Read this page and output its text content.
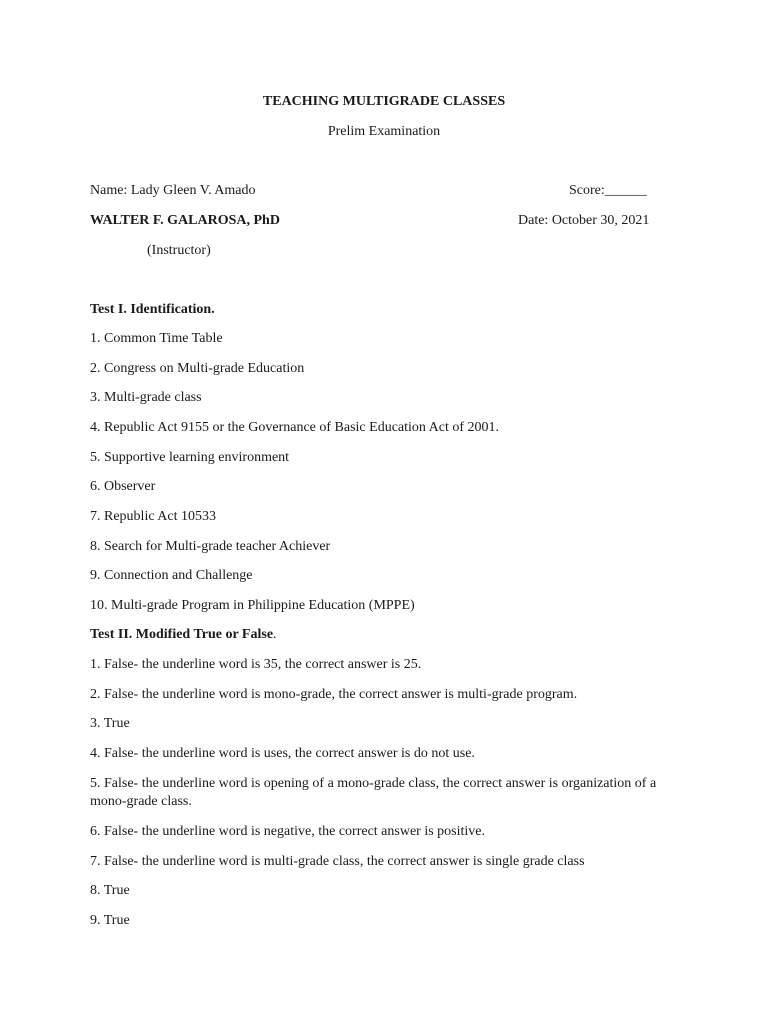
TEACHING MULTIGRADE CLASSES
Prelim Examination
Name: Lady Gleen V. Amado	Score:______
WALTER F. GALAROSA, PhD	Date: October 30, 2021
(Instructor)
Test I. Identification.
1. Common Time Table
2. Congress on Multi-grade Education
3. Multi-grade class
4. Republic Act 9155 or the Governance of Basic Education Act of 2001.
5. Supportive learning environment
6. Observer
7. Republic Act 10533
8. Search for Multi-grade teacher Achiever
9. Connection and Challenge
10. Multi-grade Program in Philippine Education (MPPE)
Test II. Modified True or False.
1. False- the underline word is 35, the correct answer is 25.
2. False- the underline word is mono-grade, the correct answer is multi-grade program.
3. True
4. False- the underline word is uses, the correct answer is do not use.
5. False- the underline word is opening of a mono-grade class, the correct answer is organization of a mono-grade class.
6. False- the underline word is negative, the correct answer is positive.
7. False- the underline word is multi-grade class, the correct answer is single grade class
8. True
9. True
